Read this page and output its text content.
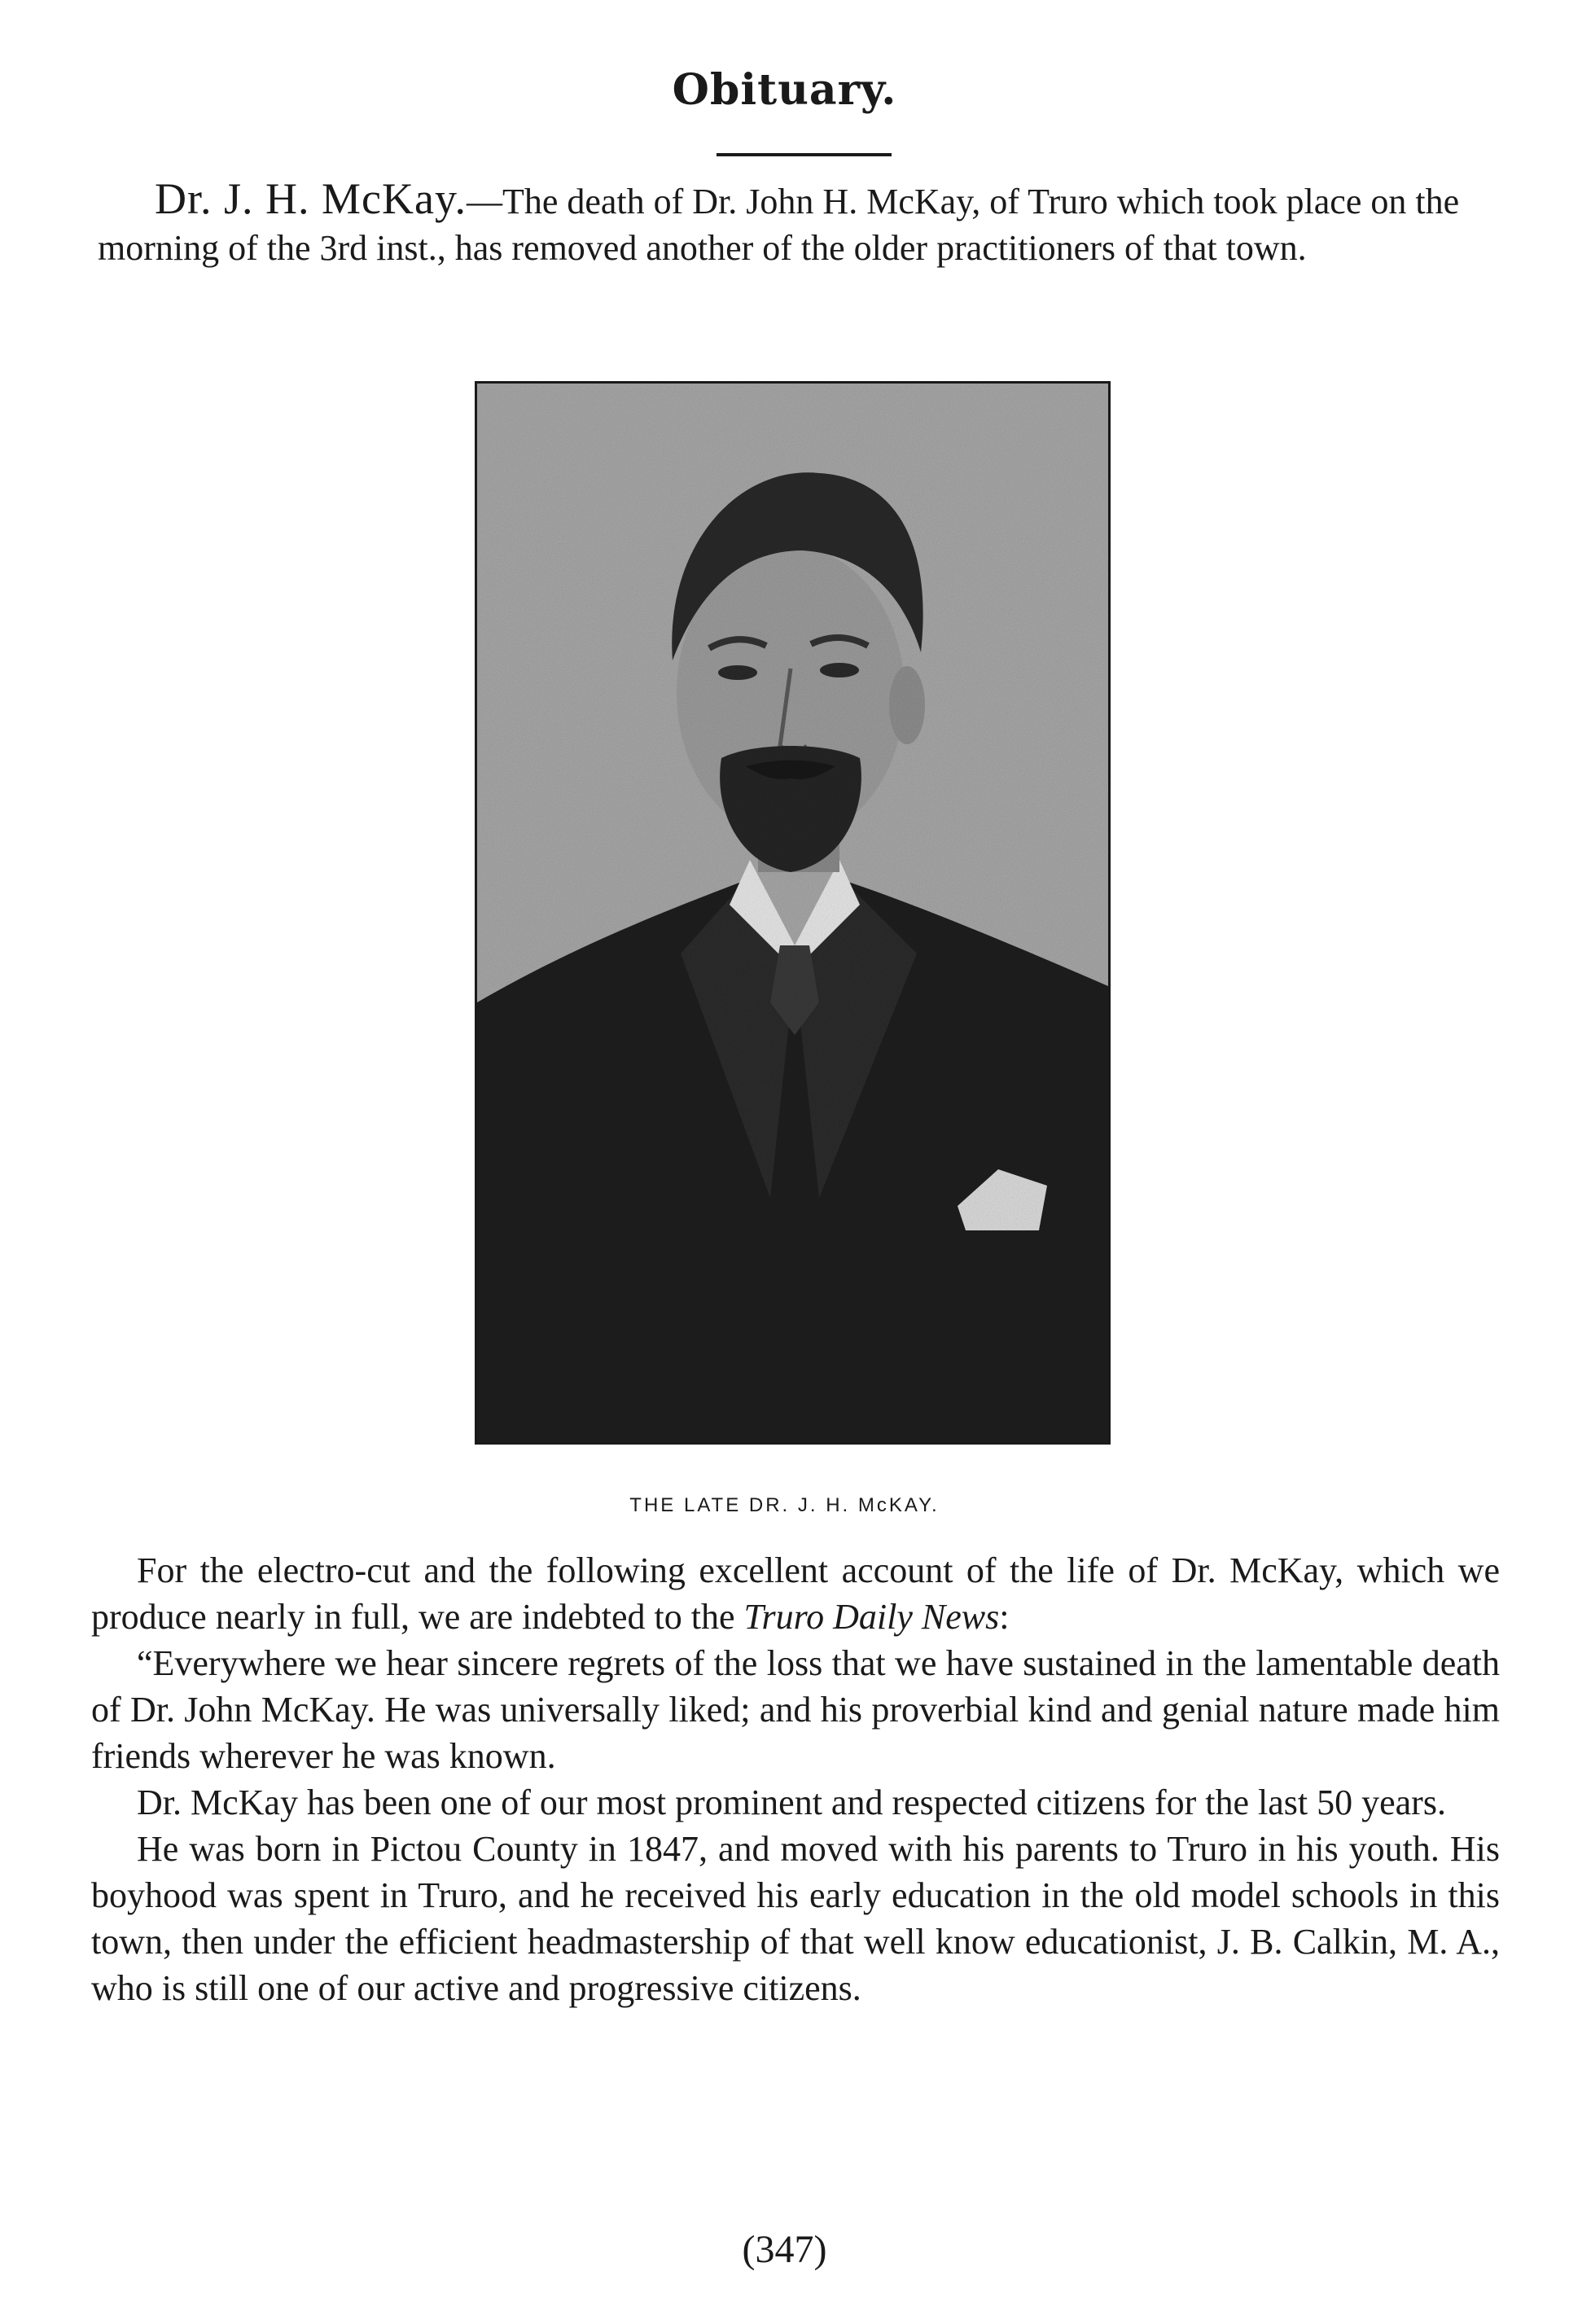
Obituary.
Dr. J. H. McKay.—The death of Dr. John H. McKay, of Truro which took place on the morning of the 3rd inst., has removed another of the older practitioners of that town.
THE LATE DR. J. H. McKAY.

For the electro-cut and the following excellent account of the life of Dr. McKay, which we produce nearly in full, we are indebted to the Truro Daily News:

“Everywhere we hear sincere regrets of the loss that we have sustained in the lamentable death of Dr. John McKay. He was universally liked; and his proverbial kind and genial nature made him friends wherever he was known.

Dr. McKay has been one of our most prominent and respected citizens for the last 50 years.

He was born in Pictou County in 1847, and moved with his parents to Truro in his youth. His boyhood was spent in Truro, and he received his early education in the old model schools in this town, then under the efficient headmastership of that well know educationist, J. B. Calkin, M. A., who is still one of our active and progressive citizens.

(347)
